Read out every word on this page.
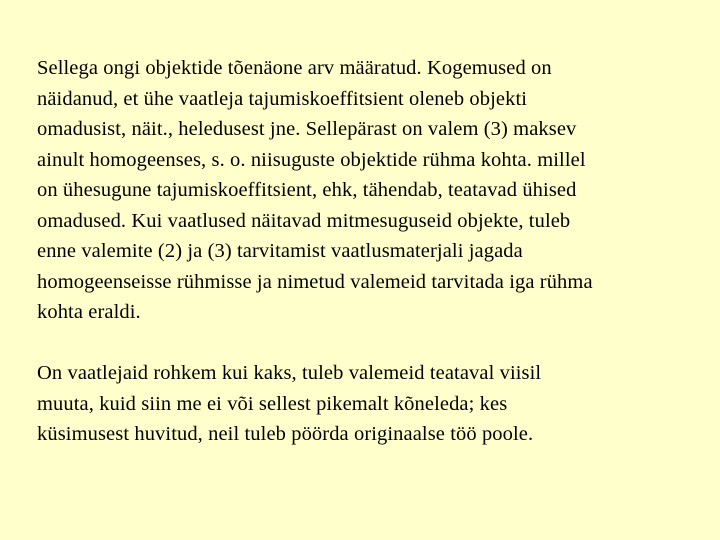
Sellega ongi objektide tõenäone arv määratud. Kogemused on
näidanud, et ühe vaatleja tajumiskoeffitsient oleneb objekti
omadusist, näit., heledusest jne. Sellepärast on valem (3) maksev
ainult homogeenses, s. o. niisuguste objektide rühma kohta. millel
on ühesugune tajumiskoeffitsient, ehk, tähendab, teatavad ühised
omadused. Kui vaatlused näitavad mitmesuguseid objekte, tuleb
enne valemite (2) ja (3) tarvitamist vaatlusmaterjali jagada
homogeenseisse rühmisse ja nimetud valemeid tarvitada iga rühma
kohta eraldi.

On vaatlejaid rohkem kui kaks, tuleb valemeid teataval viisil
muuta, kuid siin me ei või sellest pikemalt kõneleda; kes
küsimusest huvitud, neil tuleb pöörda originaalse töö poole.
